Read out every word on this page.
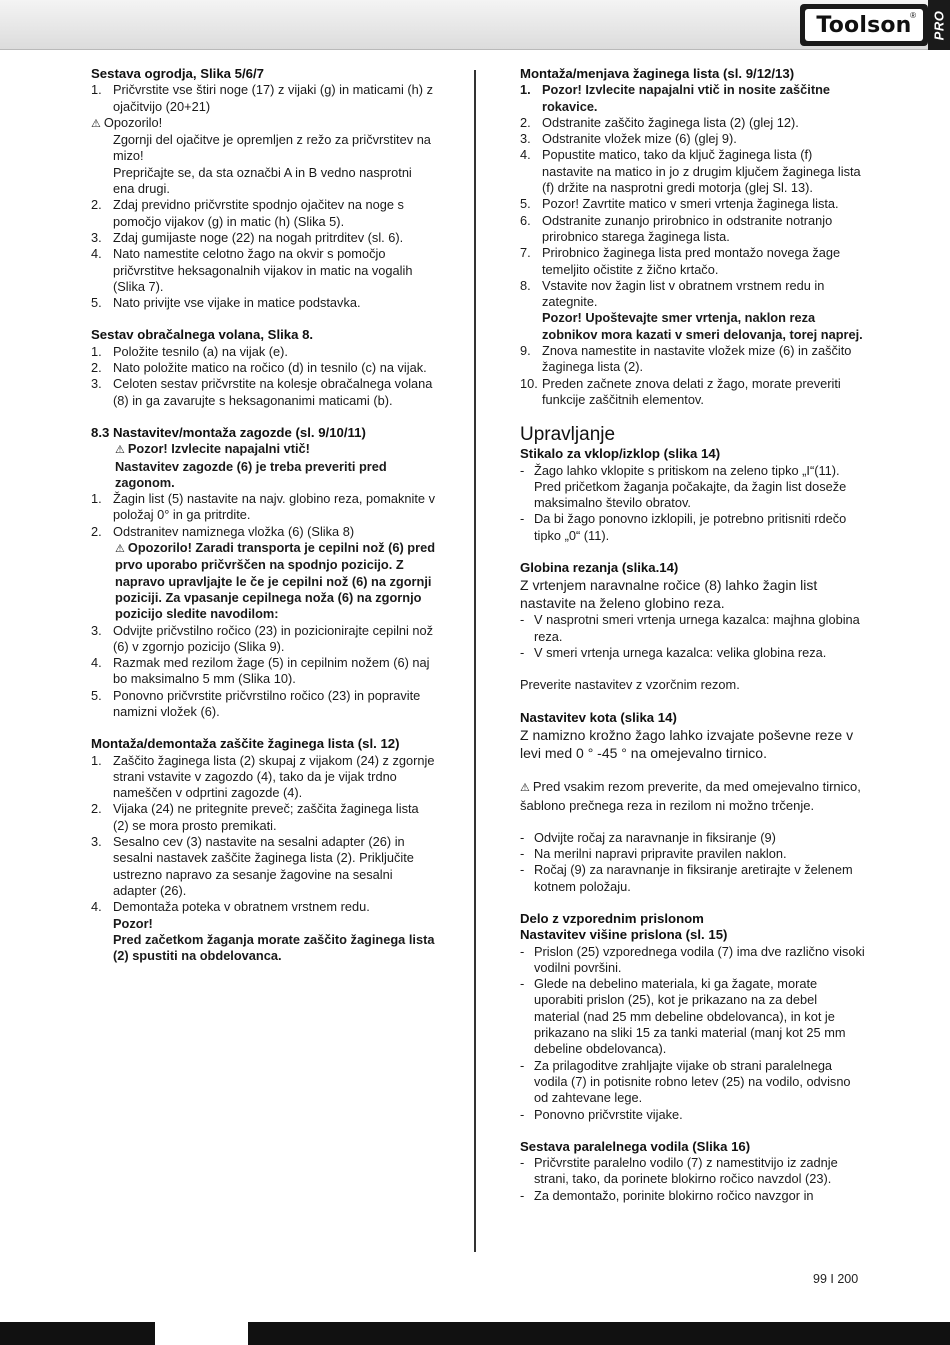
Toolson
® PRO
Sestava ogrodja, Slika 5/6/7
1. Pričvrstite vse štiri noge (17) z vijaki (g) in maticami (h) z ojačitvijo (20+21)
⚠ Opozorilo!
Zgornji del ojačitve je opremljen z režo za pričvrstitev na mizo!
Prepričajte se, da sta označbi A in B vedno nasprotni ena drugi.
2. Zdaj previdno pričvrstite spodnjo ojačitev na noge s pomočjo vijakov (g) in matic (h) (Slika 5).
3. Zdaj gumijaste noge (22) na nogah pritrditev (sl. 6).
4. Nato namestite celotno žago na okvir s pomočjo pričvrstitve heksagonalnih vijakov in matic na vogalih (Slika 7).
5. Nato privijte vse vijake in matice podstavka.
Sestav obračalnega volana, Slika 8.
1. Položite tesnilo (a) na vijak (e).
2. Nato položite matico na ročico (d) in tesnilo (c) na vijak.
3. Celoten sestav pričvrstite na kolesje obračalnega volana (8) in ga zavarujte s heksagonanimi maticami (b).
8.3 Nastavitev/montaža zagozde (sl. 9/10/11)
⚠ Pozor! Izvlecite napajalni vtič!
Nastavitev zagozde (6) je treba preveriti pred zagonom.
1. Žagin list (5) nastavite na najv. globino reza, pomaknite v položaj 0° in ga pritrdite.
2. Odstranitev namiznega vložka (6) (Slika 8)
⚠ Opozorilo! Zaradi transporta je cepilni nož (6) pred prvo uporabo pričvrščen na spodnjo poziciјo. Z napravo upravljajte le če je cepilni nož (6) na zgornji poziciji. Za vpasanje cepilnega noža (6) na zgornjo pozicijo sledite navodilom:
3. Odvijte pričvstilno ročico (23) in pozicionirajte cepilni nož (6) v zgornjo pozicijo (Slika 9).
4. Razmak med rezilom žage (5) in cepilnim nožem (6) naj bo maksimalno 5 mm (Slika 10).
5. Ponovno pričvrstite pričvrstilno ročico (23) in popravite namizni vložek (6).
Montaža/demontaža zaščite žaginega lista (sl. 12)
1. Zaščito žaginega lista (2) skupaj z vijakom (24) z zgornje strani vstavite v zagozdo (4), tako da je vijak trdno nameščen v odprtini zagozde (4).
2. Vijaka (24) ne pritegnite preveč; zaščita žaginega lista (2) se mora prosto premikati.
3. Sesalno cev (3) nastavite na sesalni adapter (26) in sesalni nastavek zaščite žaginega lista (2). Priključite ustrezno napravo za sesanje žagovine na sesalni adapter (26).
4. Demontaža poteka v obratnem vrstnem redu.
Pozor!
Pred začetkom žaganja morate zaščito žaginega lista (2) spustiti na obdelovanca.
Montaža/menjava žaginega lista (sl. 9/12/13)
1. Pozor! Izvlecite napajalni vtič in nosite zaščitne rokavice.
2. Odstranite zaščito žaginega lista (2) (glej 12).
3. Odstranite vložek mize (6) (glej 9).
4. Popustite matico, tako da ključ žaginega lista (f) nastavite na matico in jo z drugim ključem žaginega lista (f) držite na nasprotni gredi motorja (glej Sl. 13).
5. Pozor! Zavrtite matico v smeri vrtenja žaginega lista.
6. Odstranite zunanjo prirobnico in odstranite notranjo prirobnico starega žaginega lista.
7. Prirobnico žaginega lista pred montažo novega žage temeljito očistite z žično krtačo.
8. Vstavite nov žagin list v obratnem vrstnem redu in zategnite.
Pozor! Upoštevajte smer vrtenja, naklon reza zobnikov mora kazati v smeri delovanja, torej naprej.
9. Znova namestite in nastavite vložek mize (6) in zaščito žaginega lista (2).
10. Preden začnete znova delati z žago, morate preveriti funkcije zaščitnih elementov.
Upravljanje
Stikalo za vklop/izklop (slika 14)
- Žago lahko vklopite s pritiskom na zeleno tipko „I“(11). Pred pričetkom žaganja počakajte, da žagin list doseže maksimalno število obratov.
- Da bi žago ponovno izklopili, je potrebno pritisniti rdečo tipko „0“ (11).
Globina rezanja (slika.14)
Z vrtenjem naravnalne ročice (8) lahko žagin list nastavite na želeno globino reza.
- V nasprotni smeri vrtenja urnega kazalca: majhna globina reza.
- V smeri vrtenja urnega kazalca: velika globina reza.
Preverite nastavitev z vzorčnim rezom.
Nastavitev kota (slika 14)
Z namizno krožno žago lahko izvajate poševne reze v levi med 0 ° -45 ° na omejevalno tirnico.
⚠ Pred vsakim rezom preverite, da med omejevalno tirnico, šablono prečnega reza in rezilom ni možno trčenje.
- Odvijte ročaj za naravnanje in fiksiranje (9)
- Na merilni napravi pripravite pravilen naklon.
- Ročaj (9) za naravnanje in fiksiranje aretirajte v želenem kotnem položaju.
Delo z vzporednim prislonom
Nastavitev višine prislona (sl. 15)
- Prislon (25) vzporednega vodila (7) ima dve različno visoki vodilni površini.
- Glede na debelino materiala, ki ga žagate, morate uporabiti prislon (25), kot je prikazano na za debel material (nad 25 mm debeline obdelovanca), in kot je prikazano na sliki 15 za tanki material (manj kot 25 mm debeline obdelovanca).
- Za prilagoditve zrahljajte vijake ob strani paralelnega vodila (7) in potisnite robno letev (25) na vodilo, odvisno od zahtevane lege.
- Ponovno pričvrstite vijake.
Sestava paralelnega vodila (Slika 16)
- Pričvrstite paralelno vodilo (7) z namestitvijo iz zadnje strani, tako, da porinete blokirno ročico navzdol (23).
- Za demontažo, porinite blokirno ročico navzgor in
99 I 200
